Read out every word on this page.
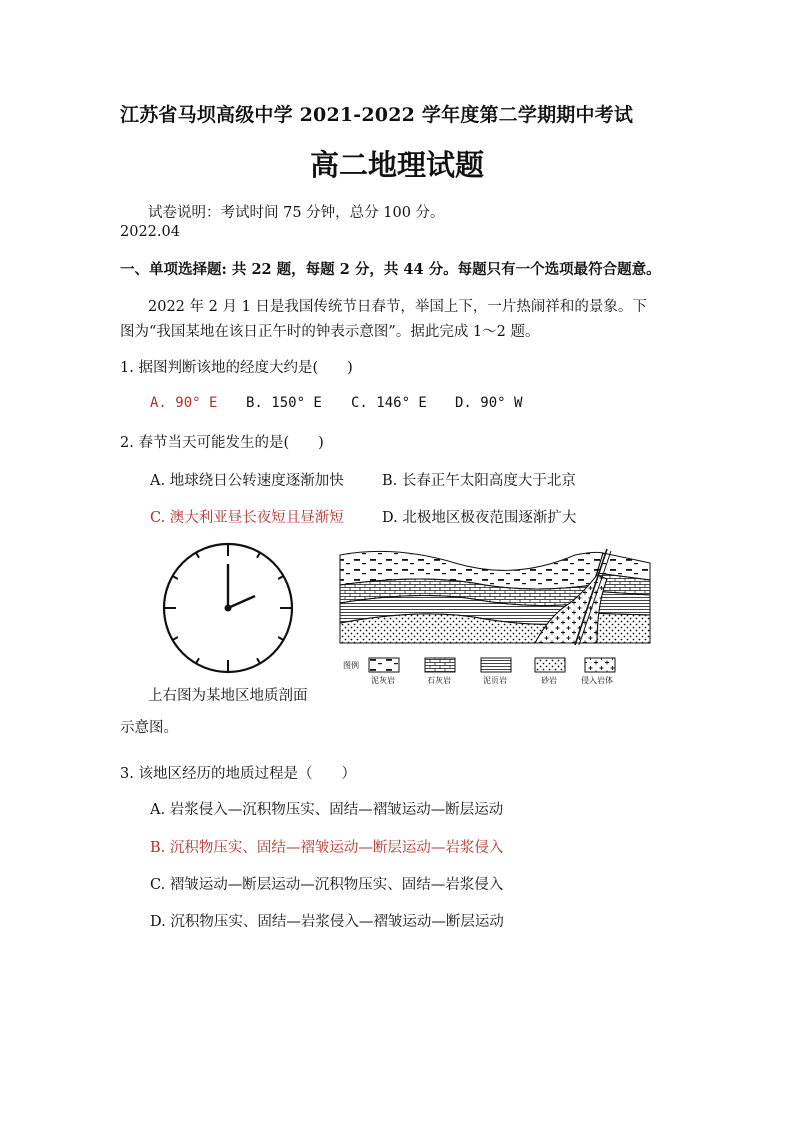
江苏省马坝高级中学 2021-2022 学年度第二学期期中考试
高二地理试题
试卷说明：考试时间 75 分钟，总分 100 分。
2022.04
一、单项选择题: 共 22 题，每题 2 分，共 44 分。每题只有一个选项最符合题意。
2022 年 2 月 1 日是我国传统节日春节，举国上下，一片热闹祥和的景象。下
图为“我国某地在该日正午时的钟表示意图”。据此完成 1～2 题。
1. 据图判断该地的经度大约是(　　)
A. 90° E B. 150° E C. 146° E D. 90° W
2. 春节当天可能发生的是(　　)
A. 地球绕日公转速度逐渐加快	B. 长春正午太阳高度大于北京
C. 澳大利亚昼长夜短且昼渐短	D. 北极地区极夜范围逐渐扩大
上右图为某地区地质剖面
示意图。
图例
泥灰岩	石灰岩	泥页岩	砂岩	侵入岩体
3. 该地区经历的地质过程是（　　）
A. 岩浆侵入—沉积物压实、固结—褶皱运动—断层运动
B. 沉积物压实、固结—褶皱运动—断层运动—岩浆侵入
C. 褶皱运动—断层运动—沉积物压实、固结—岩浆侵入
D. 沉积物压实、固结—岩浆侵入—褶皱运动—断层运动
